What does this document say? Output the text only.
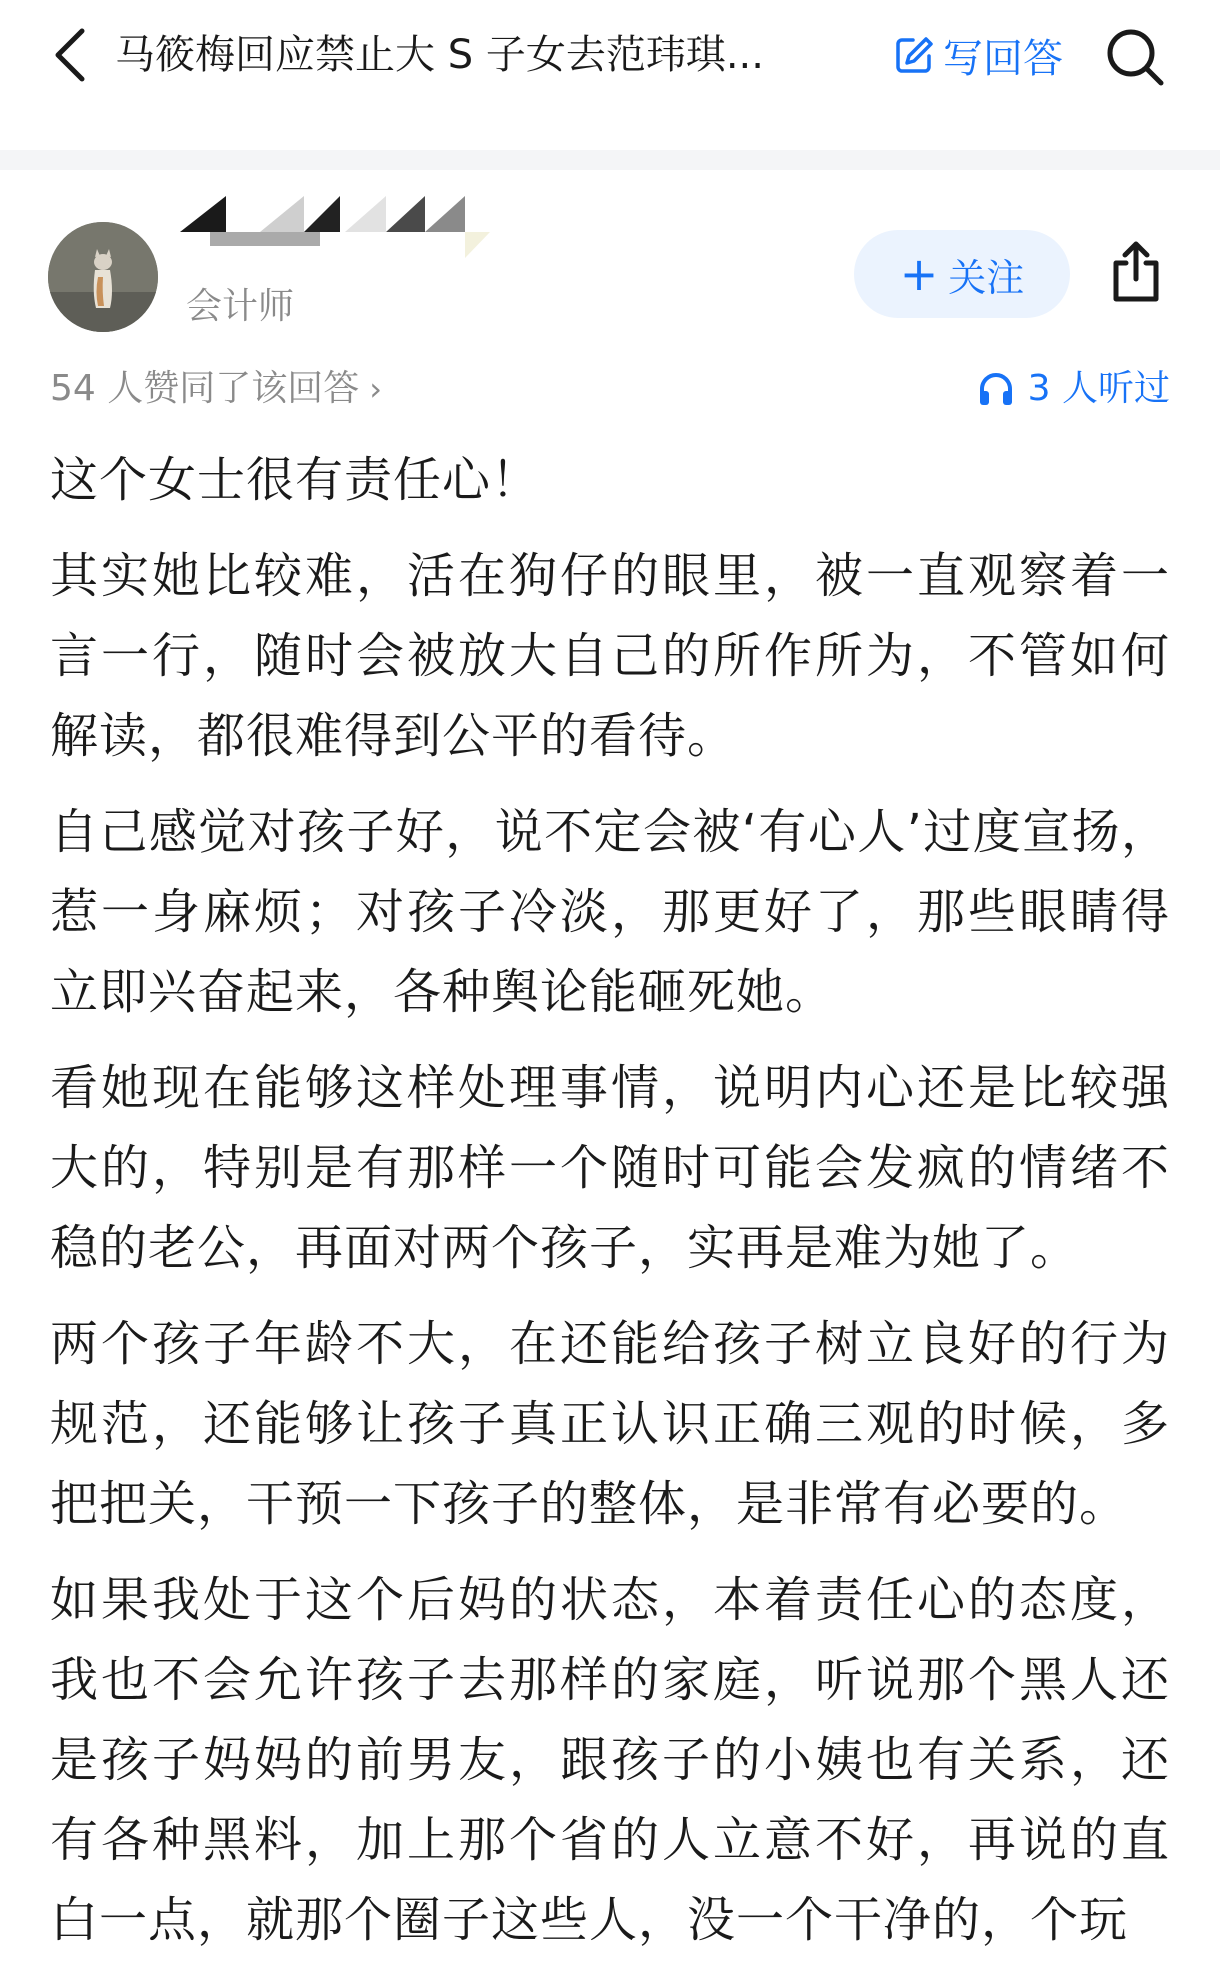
马筱梅回应禁止大 S 子女去范玮琪...	写回答
会计师
+ 关注
54 人赞同了该回答 ›	3 人听过

这个女士很有责任心！

其实她比较难，活在狗仔的眼里，被一直观察着一言一行，随时会被放大自己的所作所为，不管如何解读，都很难得到公平的看待。

自己感觉对孩子好，说不定会被‘有心人’过度宣扬，惹一身麻烦；对孩子冷淡，那更好了，那些眼睛得立即兴奋起来，各种舆论能砸死她。

看她现在能够这样处理事情，说明内心还是比较强大的，特别是有那样一个随时可能会发疯的情绪不稳的老公，再面对两个孩子，实再是难为她了。

两个孩子年龄不大，在还能给孩子树立良好的行为规范，还能够让孩子真正认识正确三观的时候，多把把关，干预一下孩子的整体，是非常有必要的。

如果我处于这个后妈的状态，本着责任心的态度，我也不会允许孩子去那样的家庭，听说那个黑人还是孩子妈妈的前男友，跟孩子的小姨也有关系，还有各种黑料，加上那个省的人立意不好，再说的直白一点，就那个圈子这些人，没一个干净的，个玩
